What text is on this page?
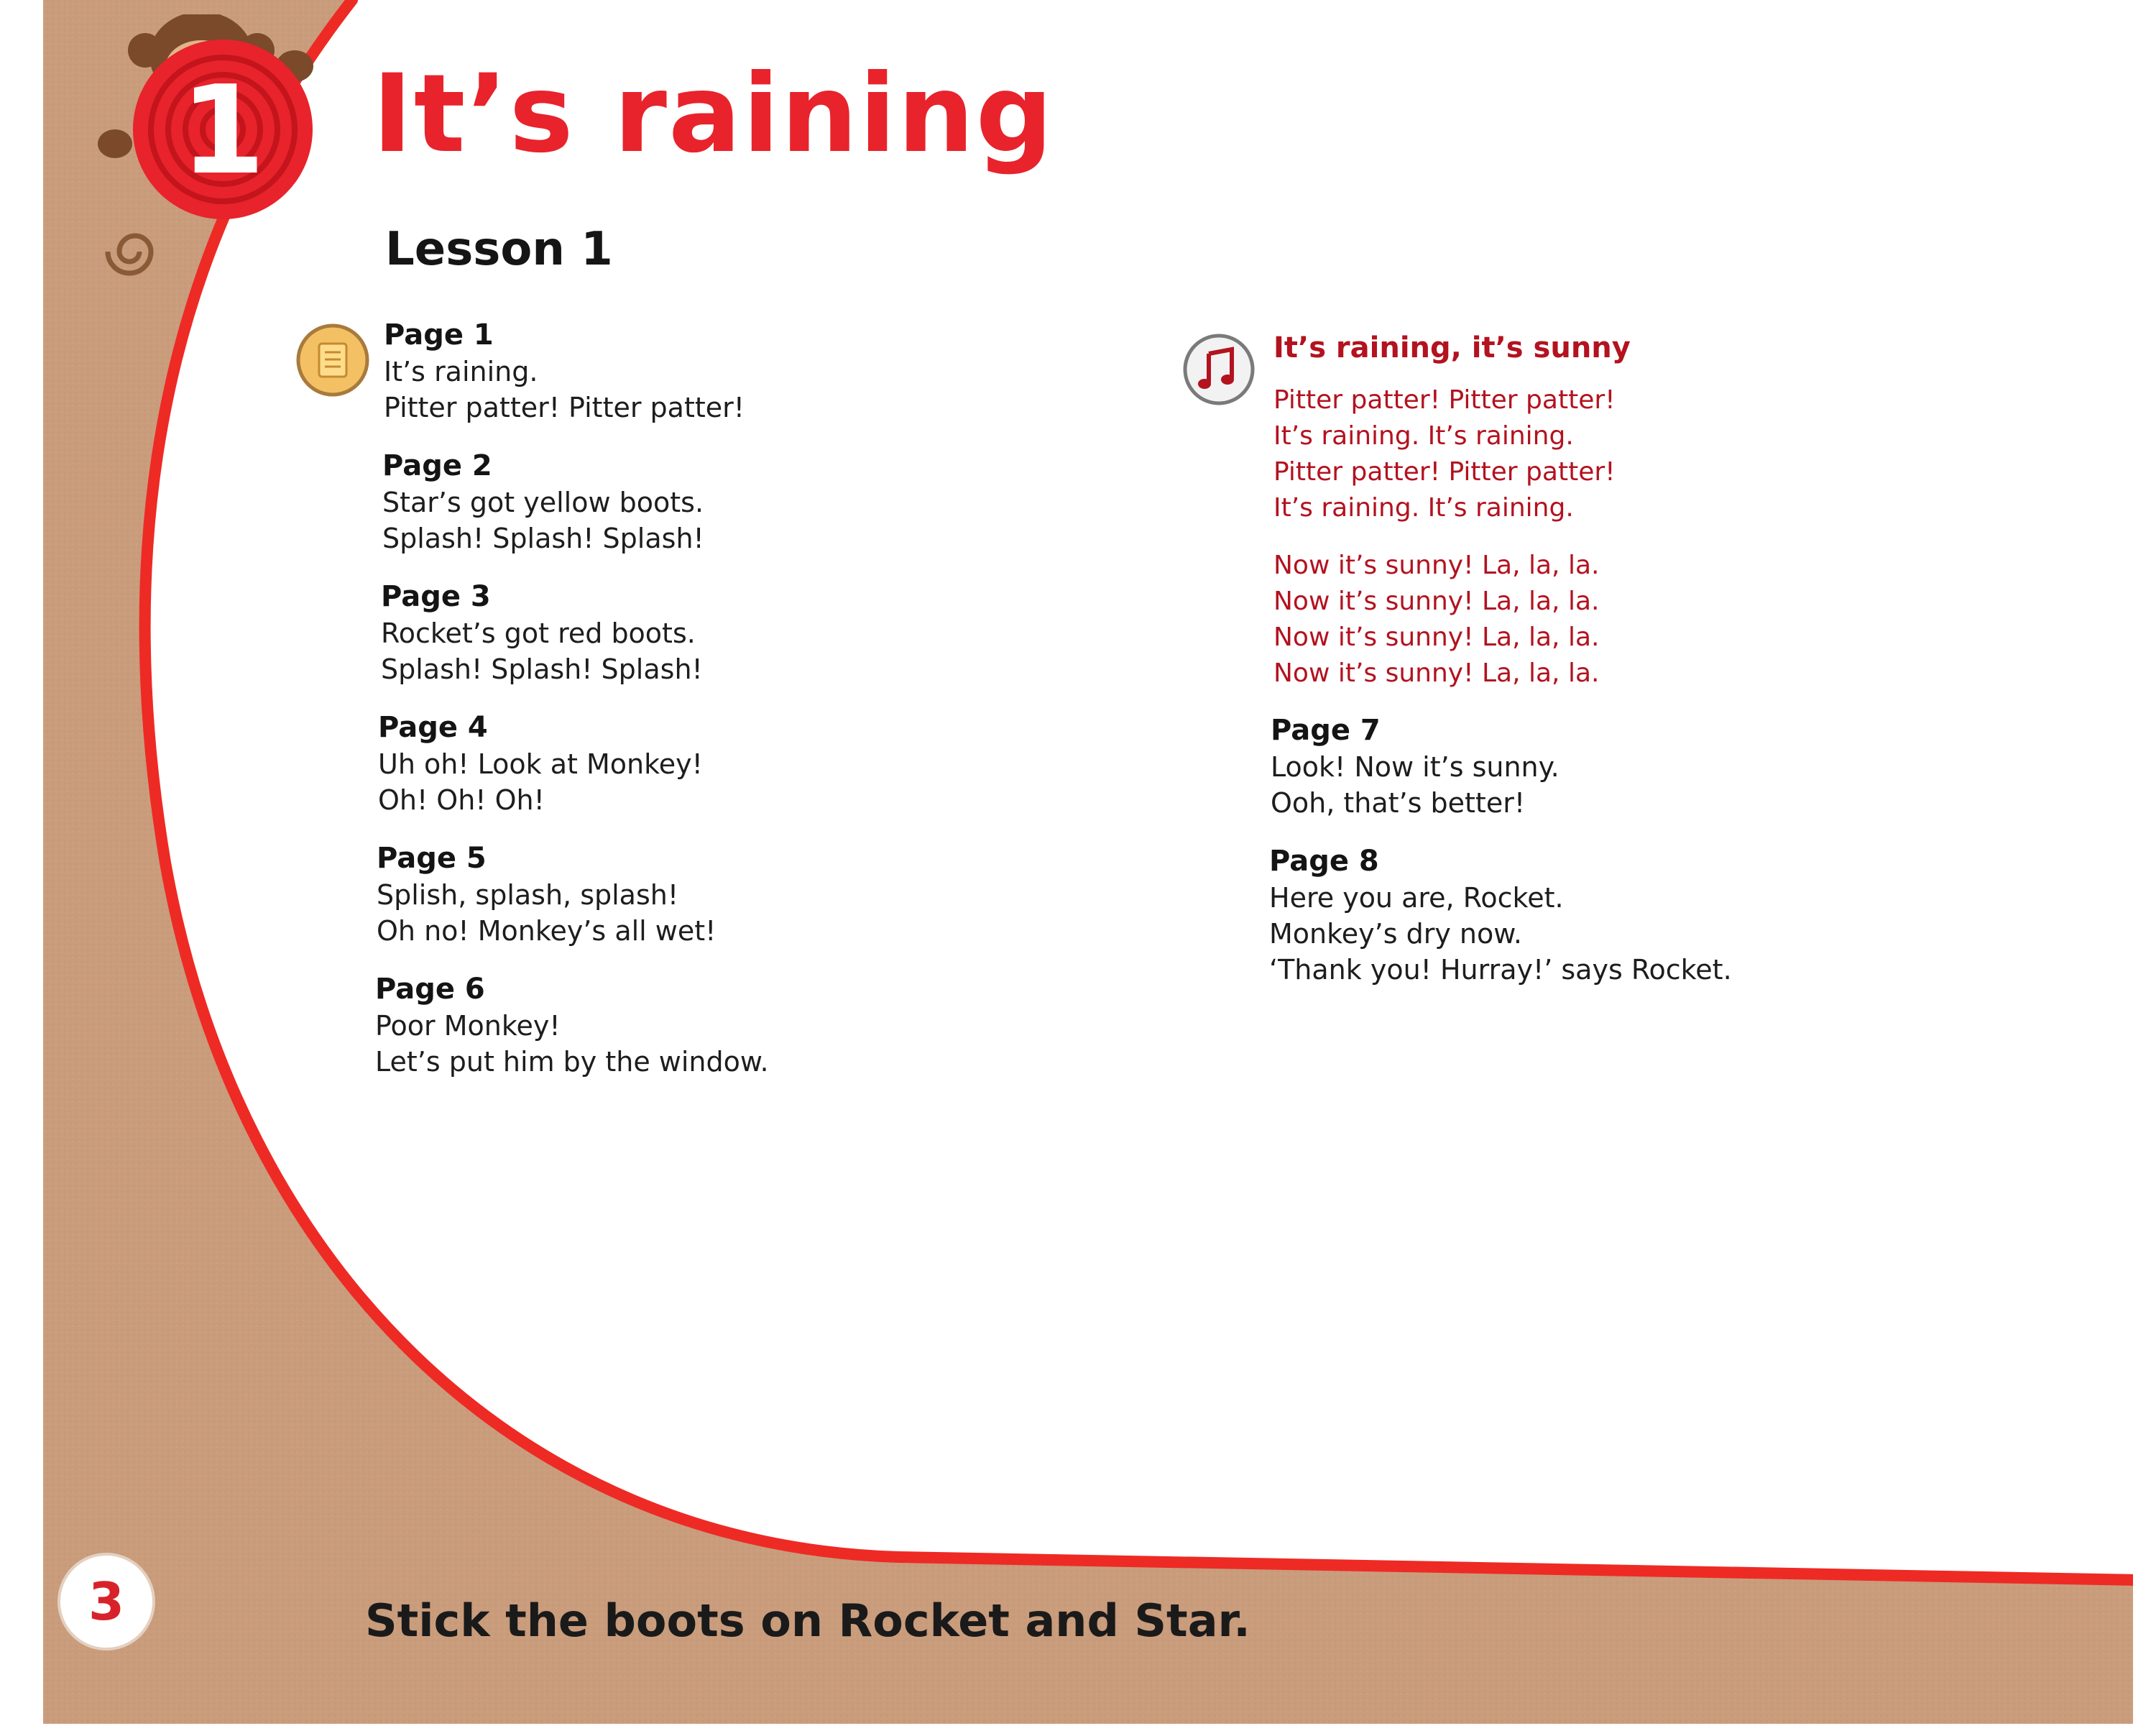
1 It’s raining
Lesson 1
Page 1
It’s raining.
Pitter patter! Pitter patter!
Page 2
Star’s got yellow boots.
Splash! Splash! Splash!
Page 3
Rocket’s got red boots.
Splash! Splash! Splash!
Page 4
Uh oh! Look at Monkey!
Oh! Oh! Oh!
Page 5
Splish, splash, splash!
Oh no! Monkey’s all wet!
Page 6
Poor Monkey!
Let’s put him by the window.
It’s raining, it’s sunny
Pitter patter! Pitter patter!
It’s raining. It’s raining.
Pitter patter! Pitter patter!
It’s raining. It’s raining.
Now it’s sunny! La, la, la.
Now it’s sunny! La, la, la.
Now it’s sunny! La, la, la.
Now it’s sunny! La, la, la.
Page 7
Look! Now it’s sunny.
Ooh, that’s better!
Page 8
Here you are, Rocket.
Monkey’s dry now.
‘Thank you! Hurray!’ says Rocket.
3	Stick the boots on Rocket and Star.
